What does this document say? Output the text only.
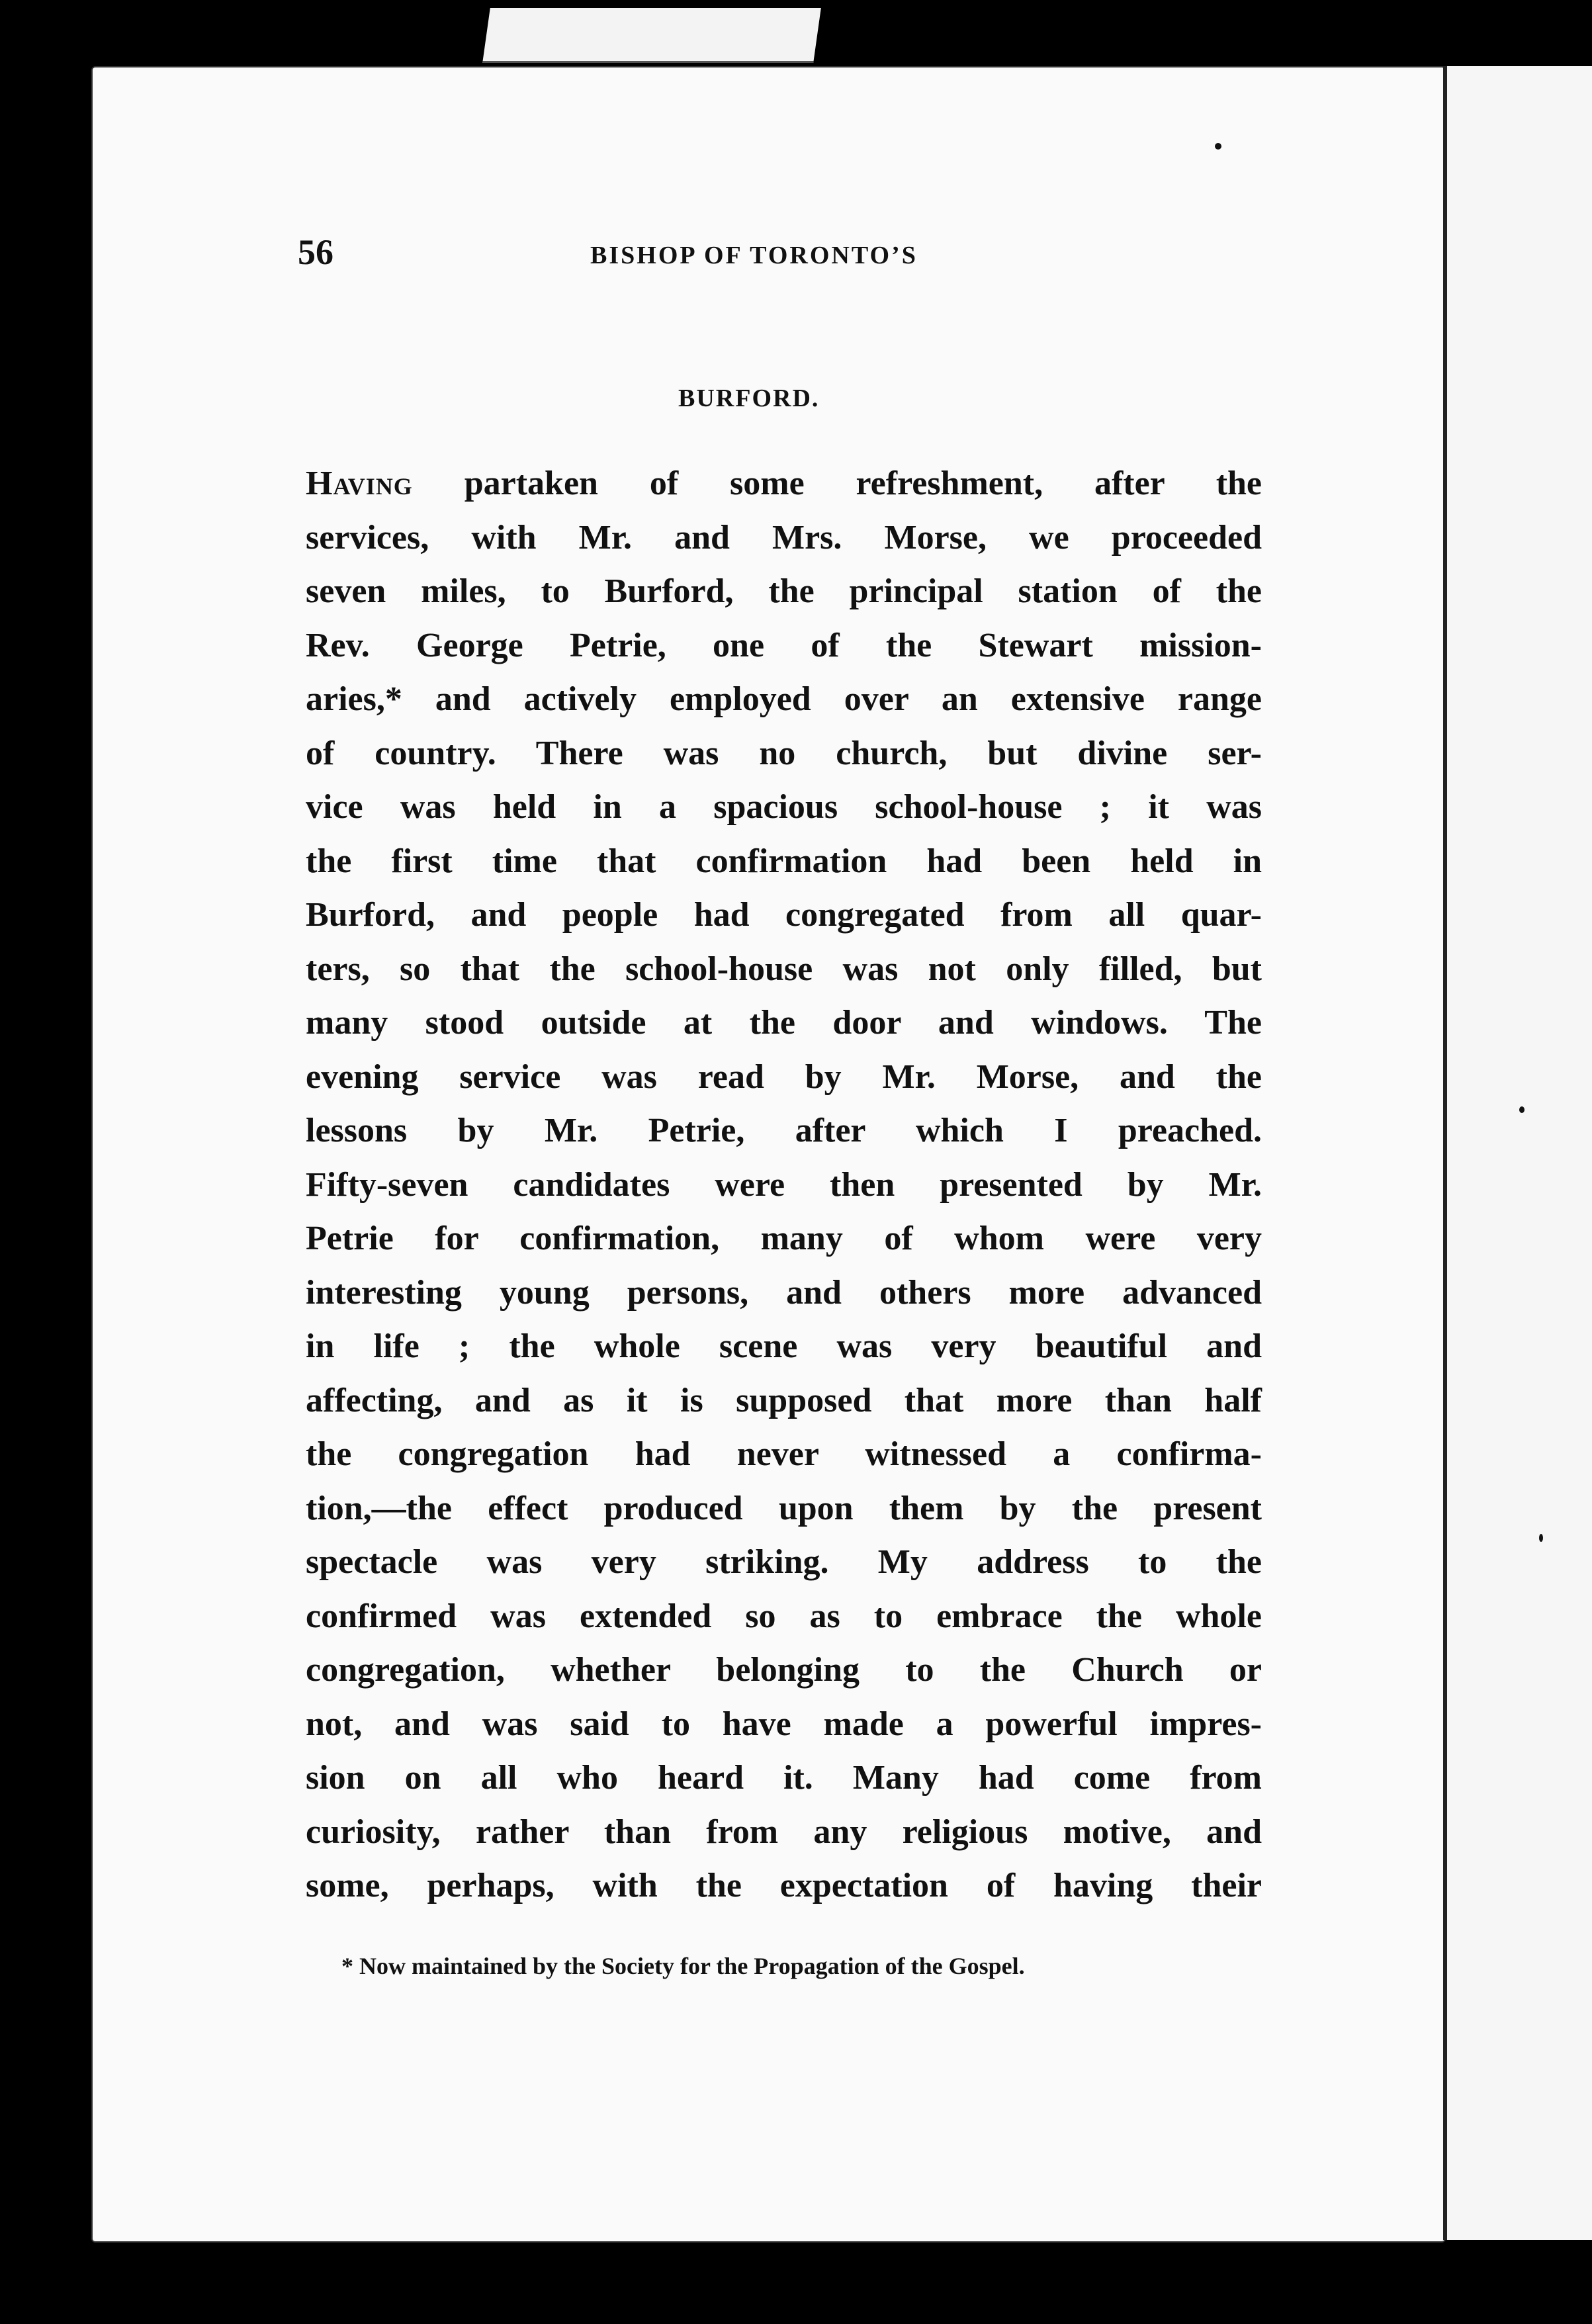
56	BISHOP OF TORONTO’S
BURFORD.
Having partaken of some refreshment, after the
services, with Mr. and Mrs. Morse, we proceeded
seven miles, to Burford, the principal station of the
Rev. George Petrie, one of the Stewart mission-
aries,* and actively employed over an extensive range
of country. There was no church, but divine ser-
vice was held in a spacious school-house ; it was
the first time that confirmation had been held in
Burford, and people had congregated from all quar-
ters, so that the school-house was not only filled, but
many stood outside at the door and windows. The
evening service was read by Mr. Morse, and the
lessons by Mr. Petrie, after which I preached.
Fifty-seven candidates were then presented by Mr.
Petrie for confirmation, many of whom were very
interesting young persons, and others more advanced
in life ; the whole scene was very beautiful and
affecting, and as it is supposed that more than half
the congregation had never witnessed a confirma-
tion,—the effect produced upon them by the present
spectacle was very striking. My address to the
confirmed was extended so as to embrace the whole
congregation, whether belonging to the Church or
not, and was said to have made a powerful impres-
sion on all who heard it. Many had come from
curiosity, rather than from any religious motive, and
some, perhaps, with the expectation of having their
* Now maintained by the Society for the Propagation of the Gospel.
